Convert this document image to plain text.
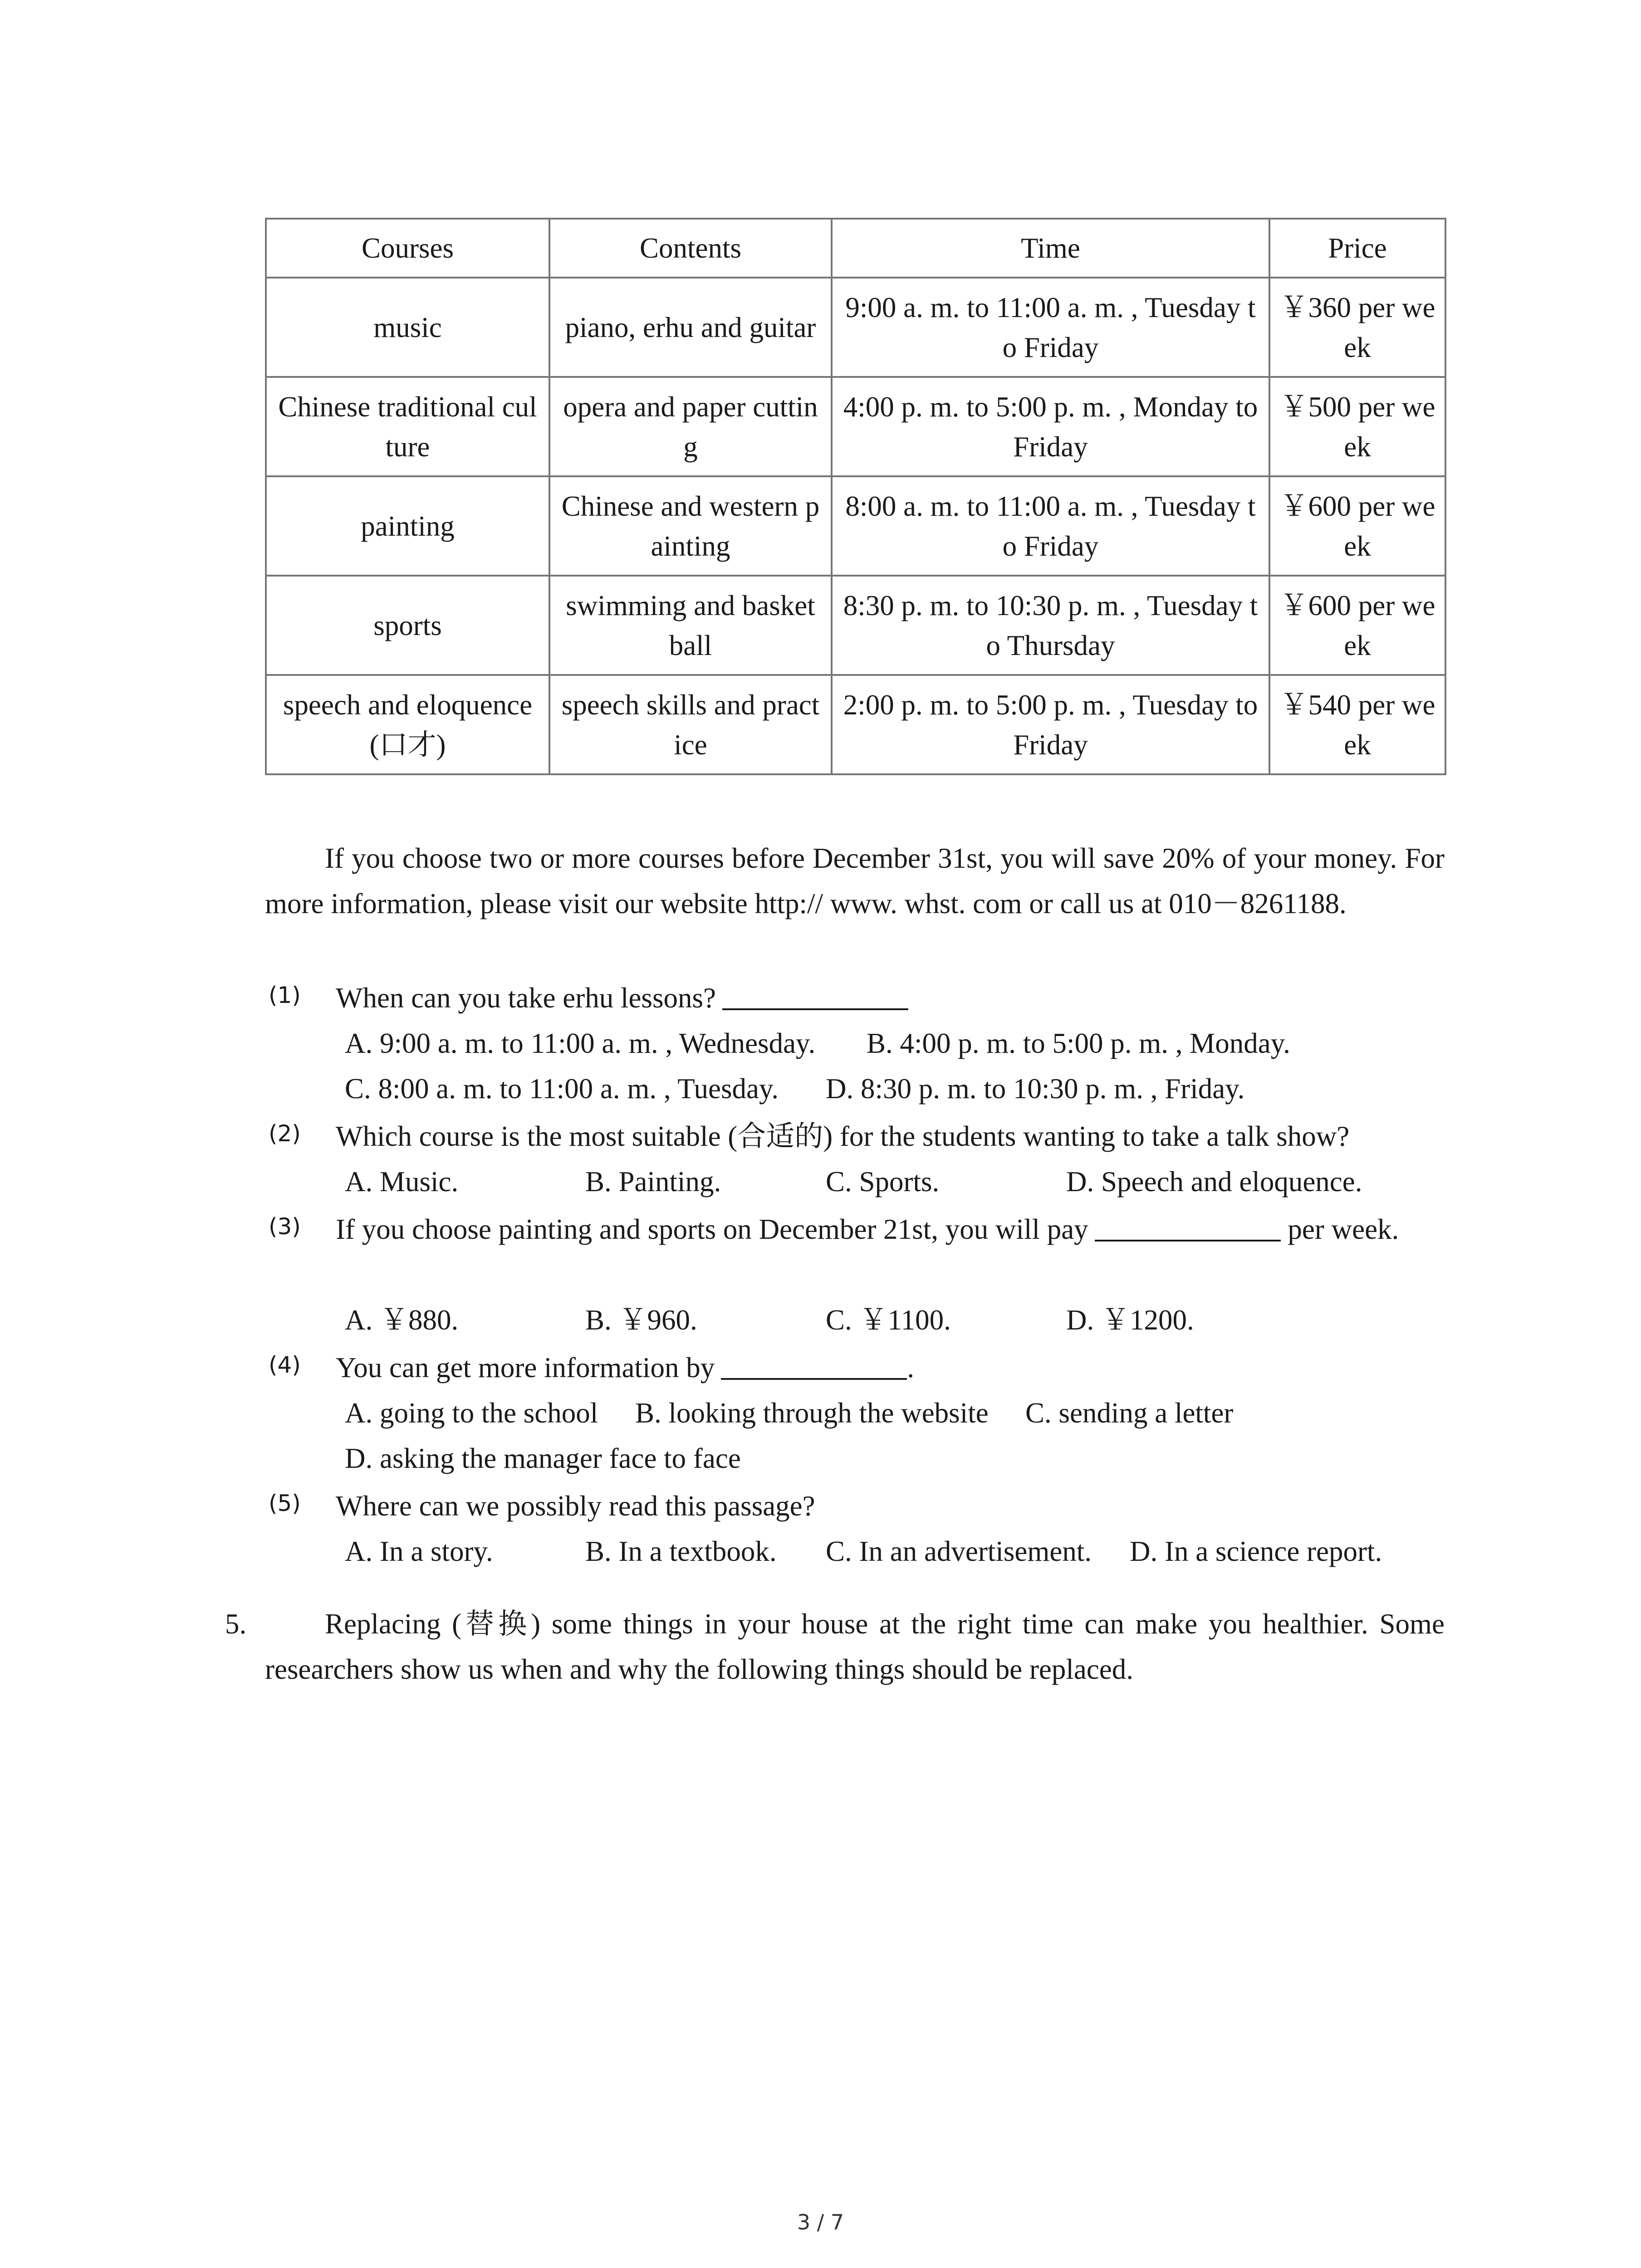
Courses	Contents	Time	Price
music	piano, erhu and guitar	9:00 a. m. to 11:00 a. m. , Tuesday to Friday	￥360 per week
Chinese traditional culture	opera and paper cutting	4:00 p. m. to 5:00 p. m. , Monday to Friday	￥500 per week
painting	Chinese and western painting	8:00 a. m. to 11:00 a. m. , Tuesday to Friday	￥600 per week
sports	swimming and basketball	8:30 p. m. to 10:30 p. m. , Tuesday to Thursday	￥600 per week
speech and eloquence (口才)	speech skills and practice	2:00 p. m. to 5:00 p. m. , Tuesday to Friday	￥540 per week
If you choose two or more courses before December 31st, you will save 20% of your money. For more information, please visit our website http:// www. whst. com or call us at 010－8261188.
(1) When can you take erhu lessons?
A. 9:00 a. m. to 11:00 a. m. , Wednesday. B. 4:00 p. m. to 5:00 p. m. , Monday.
C. 8:00 a. m. to 11:00 a. m. , Tuesday. D. 8:30 p. m. to 10:30 p. m. , Friday.
(2) Which course is the most suitable (合适的) for the students wanting to take a talk show?
A. Music.	B. Painting.	C. Sports.	D. Speech and eloquence.
(3) If you choose painting and sports on December 21st, you will pay	per week.
A. ￥880.	B. ￥960.	C. ￥1100.	D. ￥1200.
(4) You can get more information by	.
A. going to the school B. looking through the website C. sending a letter
D. asking the manager face to face
(5) Where can we possibly read this passage?
A. In a story.	B. In a textbook. C. In an advertisement. D. In a science report.
5.	Replacing (替换) some things in your house at the right time can make you healthier. Some researchers show us when and why the following things should be replaced.
3 / 7
